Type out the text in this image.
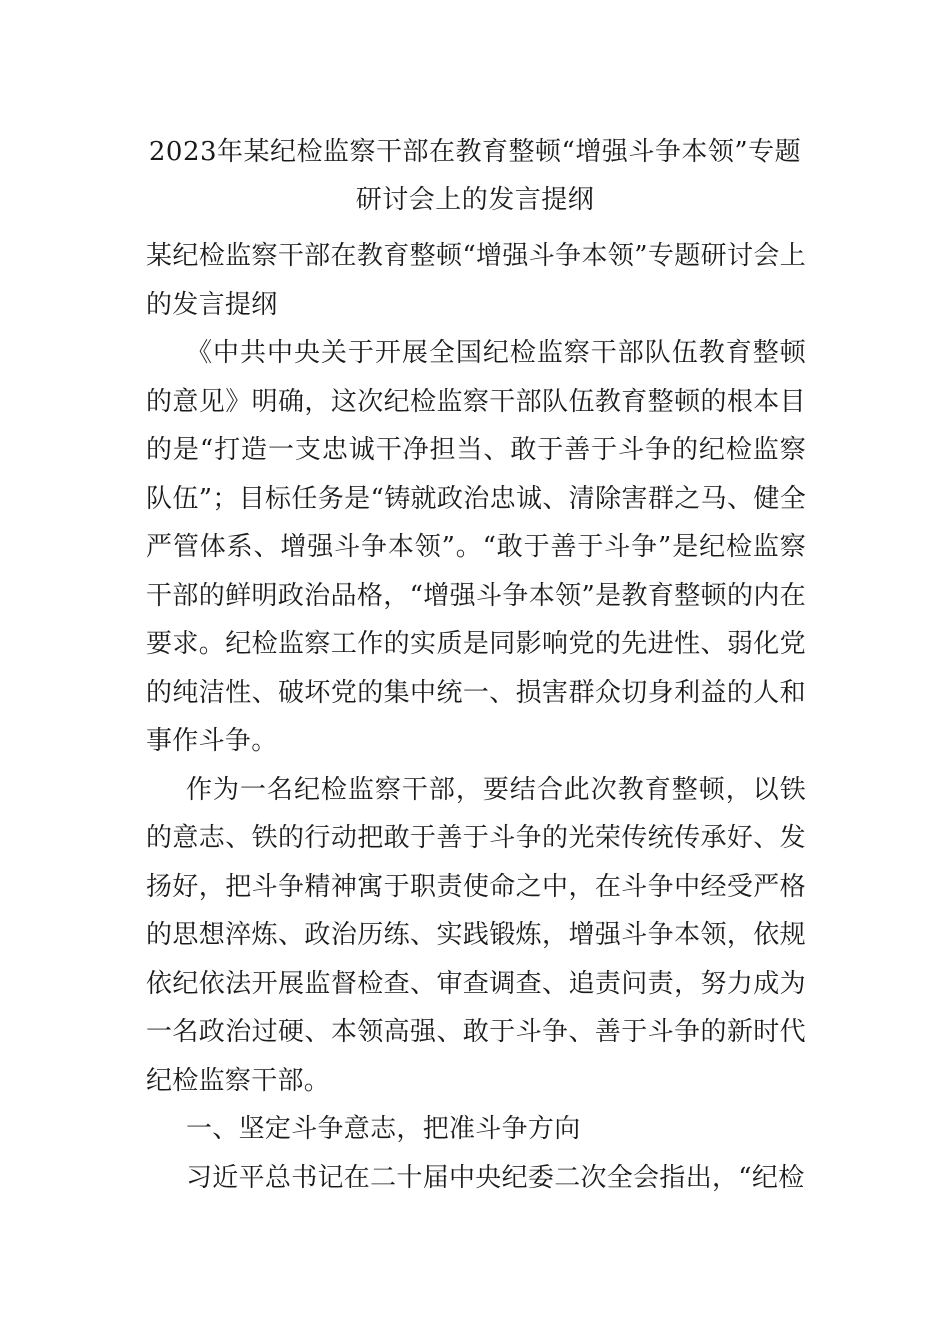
2023年某纪检监察干部在教育整顿“增强斗争本领”专题研讨会上的发言提纲

某纪检监察干部在教育整顿“增强斗争本领”专题研讨会上的发言提纲

《中共中央关于开展全国纪检监察干部队伍教育整顿的意见》明确，这次纪检监察干部队伍教育整顿的根本目的是“打造一支忠诚干净担当、敢于善于斗争的纪检监察队伍”；目标任务是“铸就政治忠诚、清除害群之马、健全严管体系、增强斗争本领”。“敢于善于斗争”是纪检监察干部的鲜明政治品格，“增强斗争本领”是教育整顿的内在要求。纪检监察工作的实质是同影响党的先进性、弱化党的纯洁性、破坏党的集中统一、损害群众切身利益的人和事作斗争。

作为一名纪检监察干部，要结合此次教育整顿，以铁的意志、铁的行动把敢于善于斗争的光荣传统传承好、发扬好，把斗争精神寓于职责使命之中，在斗争中经受严格的思想淬炼、政治历练、实践锻炼，增强斗争本领，依规依纪依法开展监督检查、审查调查、追责问责，努力成为一名政治过硬、本领高强、敢于斗争、善于斗争的新时代纪检监察干部。

一、坚定斗争意志，把准斗争方向

习近平总书记在二十届中央纪委二次全会指出，“纪检
